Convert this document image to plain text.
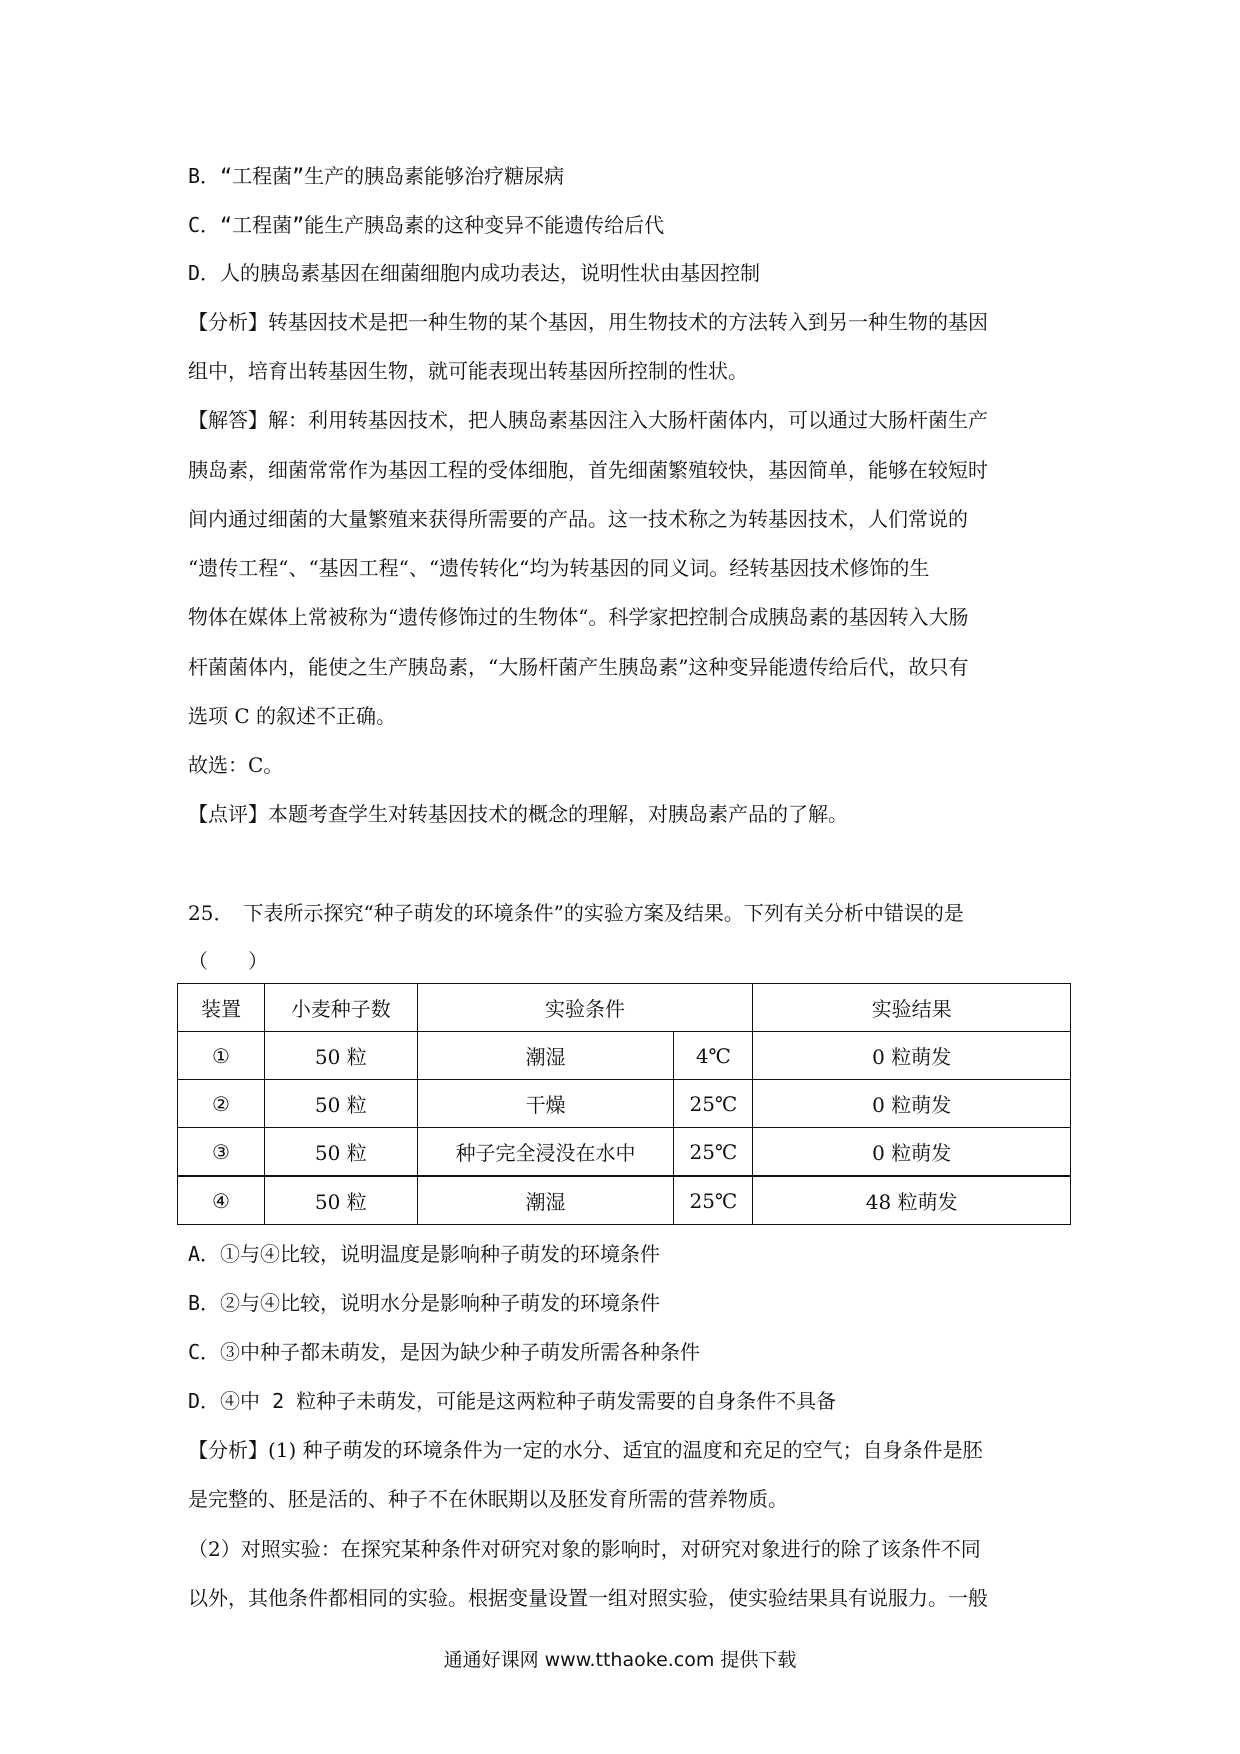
B．“工程菌”生产的胰岛素能够治疗糖尿病
C．“工程菌”能生产胰岛素的这种变异不能遗传给后代
D．人的胰岛素基因在细菌细胞内成功表达，说明性状由基因控制
【分析】转基因技术是把一种生物的某个基因，用生物技术的方法转入到另一种生物的基因
组中，培育出转基因生物，就可能表现出转基因所控制的性状。
【解答】解：利用转基因技术，把人胰岛素基因注入大肠杆菌体内，可以通过大肠杆菌生产
胰岛素，细菌常常作为基因工程的受体细胞，首先细菌繁殖较快，基因简单，能够在较短时
间内通过细菌的大量繁殖来获得所需要的产品。这一技术称之为转基因技术，人们常说的
“遗传工程“、“基因工程“、“遗传转化“均为转基因的同义词。经转基因技术修饰的生
物体在媒体上常被称为“遗传修饰过的生物体“。科学家把控制合成胰岛素的基因转入大肠
杆菌菌体内，能使之生产胰岛素，“大肠杆菌产生胰岛素”这种变异能遗传给后代，故只有
选项 C 的叙述不正确。
故选：C。
【点评】本题考查学生对转基因技术的概念的理解，对胰岛素产品的了解。
25．　下表所示探究“种子萌发的环境条件”的实验方案及结果。下列有关分析中错误的是
（　　）
装置	小麦种子数	实验条件		实验结果
①	50 粒	潮湿	4℃	0 粒萌发
②	50 粒	干燥	25℃	0 粒萌发
③	50 粒	种子完全浸没在水中	25℃	0 粒萌发
④	50 粒	潮湿	25℃	48 粒萌发
A．①与④比较，说明温度是影响种子萌发的环境条件
B．②与④比较，说明水分是影响种子萌发的环境条件
C．③中种子都未萌发，是因为缺少种子萌发所需各种条件
D．④中 2 粒种子未萌发，可能是这两粒种子萌发需要的自身条件不具备
【分析】(1) 种子萌发的环境条件为一定的水分、适宜的温度和充足的空气；自身条件是胚
是完整的、胚是活的、种子不在休眠期以及胚发育所需的营养物质。
（2）对照实验：在探究某种条件对研究对象的影响时，对研究对象进行的除了该条件不同
以外，其他条件都相同的实验。根据变量设置一组对照实验，使实验结果具有说服力。一般
通通好课网 www.tthaoke.com 提供下载
